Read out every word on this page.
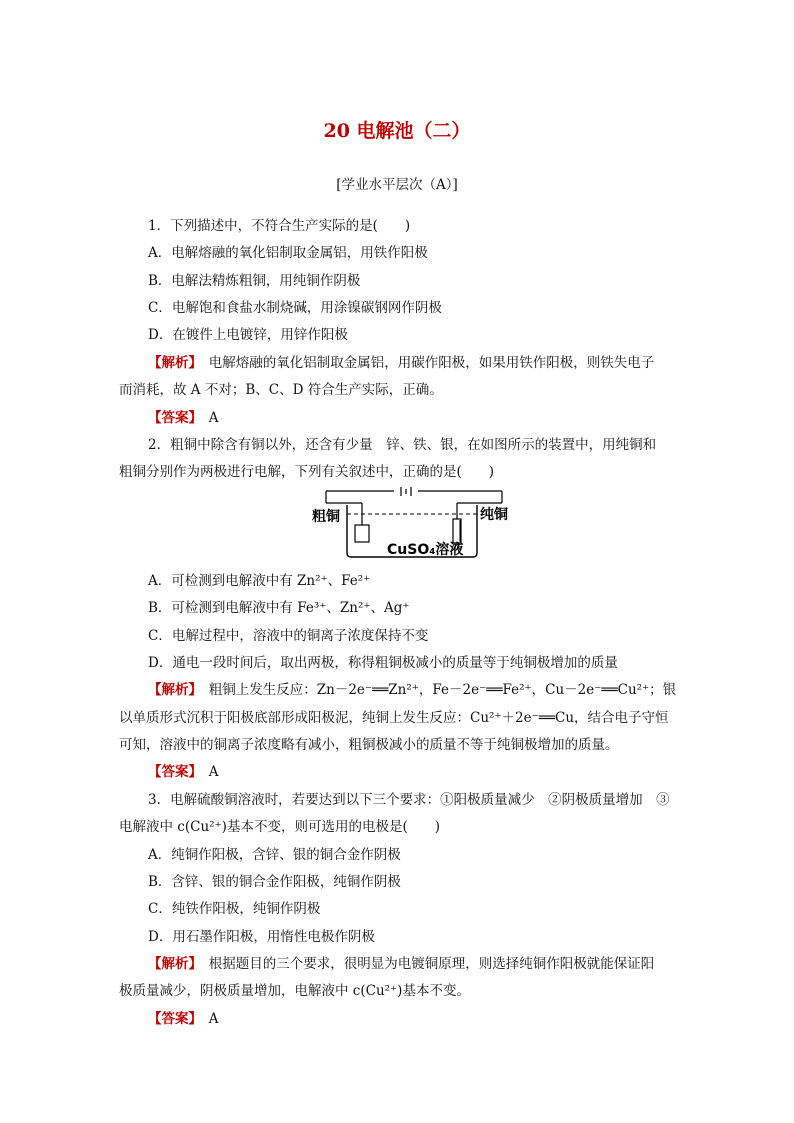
20 电解池（二）
[学业水平层次（A）]
1．下列描述中，不符合生产实际的是(　　)
A．电解熔融的氧化铝制取金属铝，用铁作阳极
B．电解法精炼粗铜，用纯铜作阴极
C．电解饱和食盐水制烧碱，用涂镍碳钢网作阴极
D．在镀件上电镀锌，用锌作阳极
【解析】　 电解熔融的氧化铝制取金属铝，用碳作阳极，如果用铁作阳极，则铁失电子
而消耗，故 A 不对；B、C、D 符合生产实际，正确。
【答案】　 A
2．粗铜中除含有铜以外，还含有少量　锌、铁、银，在如图所示的装置中，用纯铜和
粗铜分别作为两极进行电解，下列有关叙述中，正确的是(　　)
粗铜	纯铜
CuSO₄溶液
A．可检测到电解液中有 Zn²⁺、Fe²⁺
B．可检测到电解液中有 Fe³⁺、Zn²⁺、Ag⁺
C．电解过程中，溶液中的铜离子浓度保持不变
D．通电一段时间后，取出两极，称得粗铜极减小的质量等于纯铜极增加的质量
【解析】　 粗铜上发生反应：Zn－2e⁻══Zn²⁺，Fe－2e⁻══Fe²⁺，Cu－2e⁻══Cu²⁺；银
以单质形式沉积于阳极底部形成阳极泥，纯铜上发生反应：Cu²⁺＋2e⁻══Cu，结合电子守恒
可知，溶液中的铜离子浓度略有减小，粗铜极减小的质量不等于纯铜极增加的质量。
【答案】　 A
3．电解硫酸铜溶液时，若要达到以下三个要求：①阳极质量减少　②阴极质量增加　③
电解液中 c(Cu²⁺)基本不变，则可选用的电极是(　　)
A．纯铜作阳极，含锌、银的铜合金作阴极
B．含锌、银的铜合金作阳极，纯铜作阴极
C．纯铁作阳极，纯铜作阴极
D．用石墨作阳极，用惰性电极作阴极
【解析】　 根据题目的三个要求，很明显为电镀铜原理，则选择纯铜作阳极就能保证阳
极质量减少，阴极质量增加，电解液中 c(Cu²⁺)基本不变。
【答案】　 A
